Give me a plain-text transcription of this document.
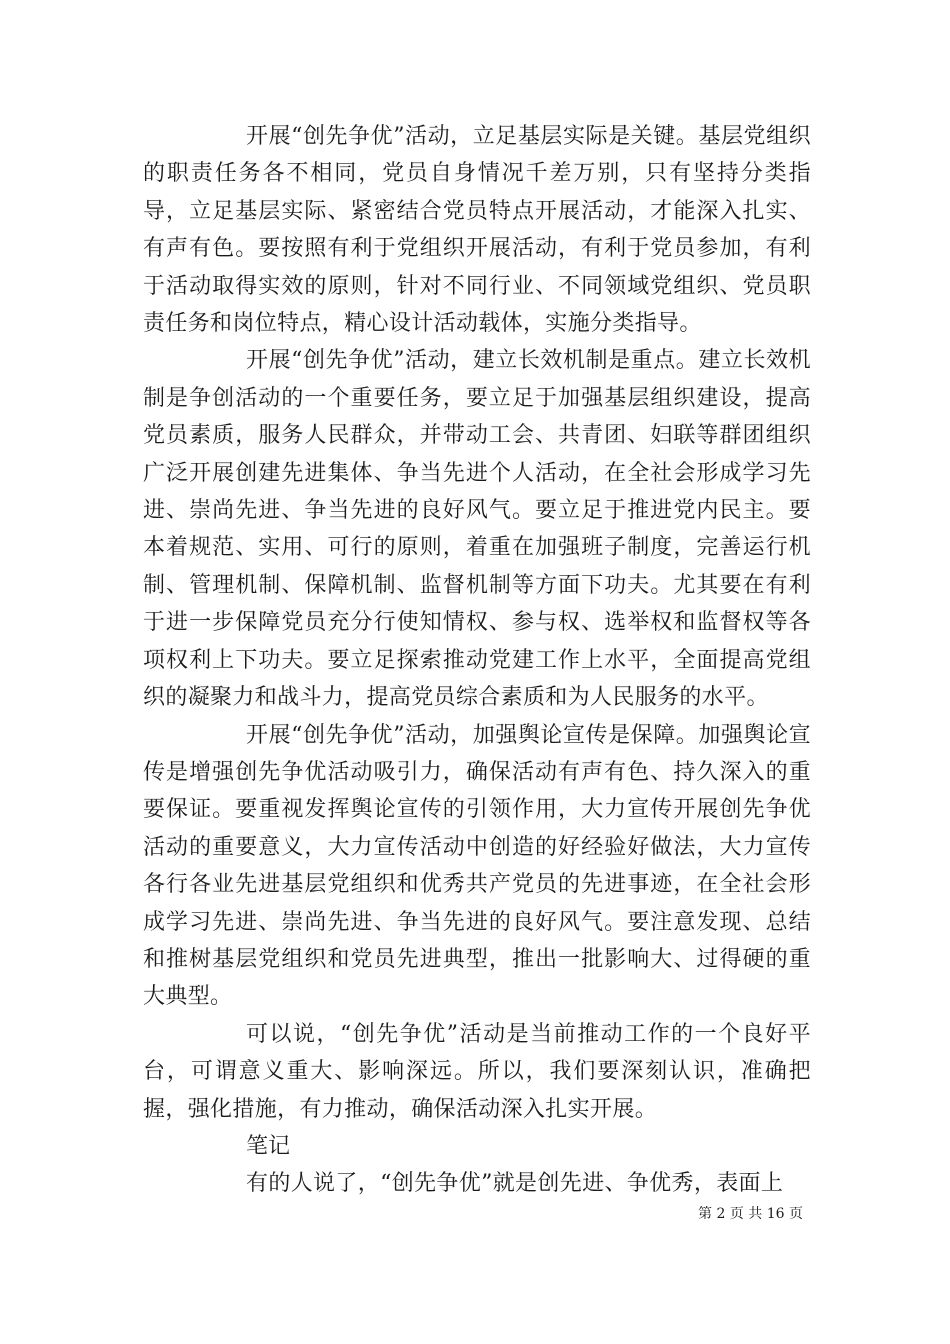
开展“创先争优”活动，立足基层实际是关键。基层党组织的职责任务各不相同，党员自身情况千差万别，只有坚持分类指导，立足基层实际、紧密结合党员特点开展活动，才能深入扎实、有声有色。要按照有利于党组织开展活动，有利于党员参加，有利于活动取得实效的原则，针对不同行业、不同领域党组织、党员职责任务和岗位特点，精心设计活动载体，实施分类指导。

开展“创先争优”活动，建立长效机制是重点。建立长效机制是争创活动的一个重要任务，要立足于加强基层组织建设，提高党员素质，服务人民群众，并带动工会、共青团、妇联等群团组织广泛开展创建先进集体、争当先进个人活动，在全社会形成学习先进、崇尚先进、争当先进的良好风气。要立足于推进党内民主。要本着规范、实用、可行的原则，着重在加强班子制度，完善运行机制、管理机制、保障机制、监督机制等方面下功夫。尤其要在有利于进一步保障党员充分行使知情权、参与权、选举权和监督权等各项权利上下功夫。要立足探索推动党建工作上水平，全面提高党组织的凝聚力和战斗力，提高党员综合素质和为人民服务的水平。

开展“创先争优”活动，加强舆论宣传是保障。加强舆论宣传是增强创先争优活动吸引力，确保活动有声有色、持久深入的重要保证。要重视发挥舆论宣传的引领作用，大力宣传开展创先争优活动的重要意义，大力宣传活动中创造的好经验好做法，大力宣传各行各业先进基层党组织和优秀共产党员的先进事迹，在全社会形成学习先进、崇尚先进、争当先进的良好风气。要注意发现、总结和推树基层党组织和党员先进典型，推出一批影响大、过得硬的重大典型。

可以说，“创先争优”活动是当前推动工作的一个良好平台，可谓意义重大、影响深远。所以，我们要深刻认识，准确把握，强化措施，有力推动，确保活动深入扎实开展。

笔记

有的人说了，“创先争优”就是创先进、争优秀，表面上

第 2 页 共 16 页
